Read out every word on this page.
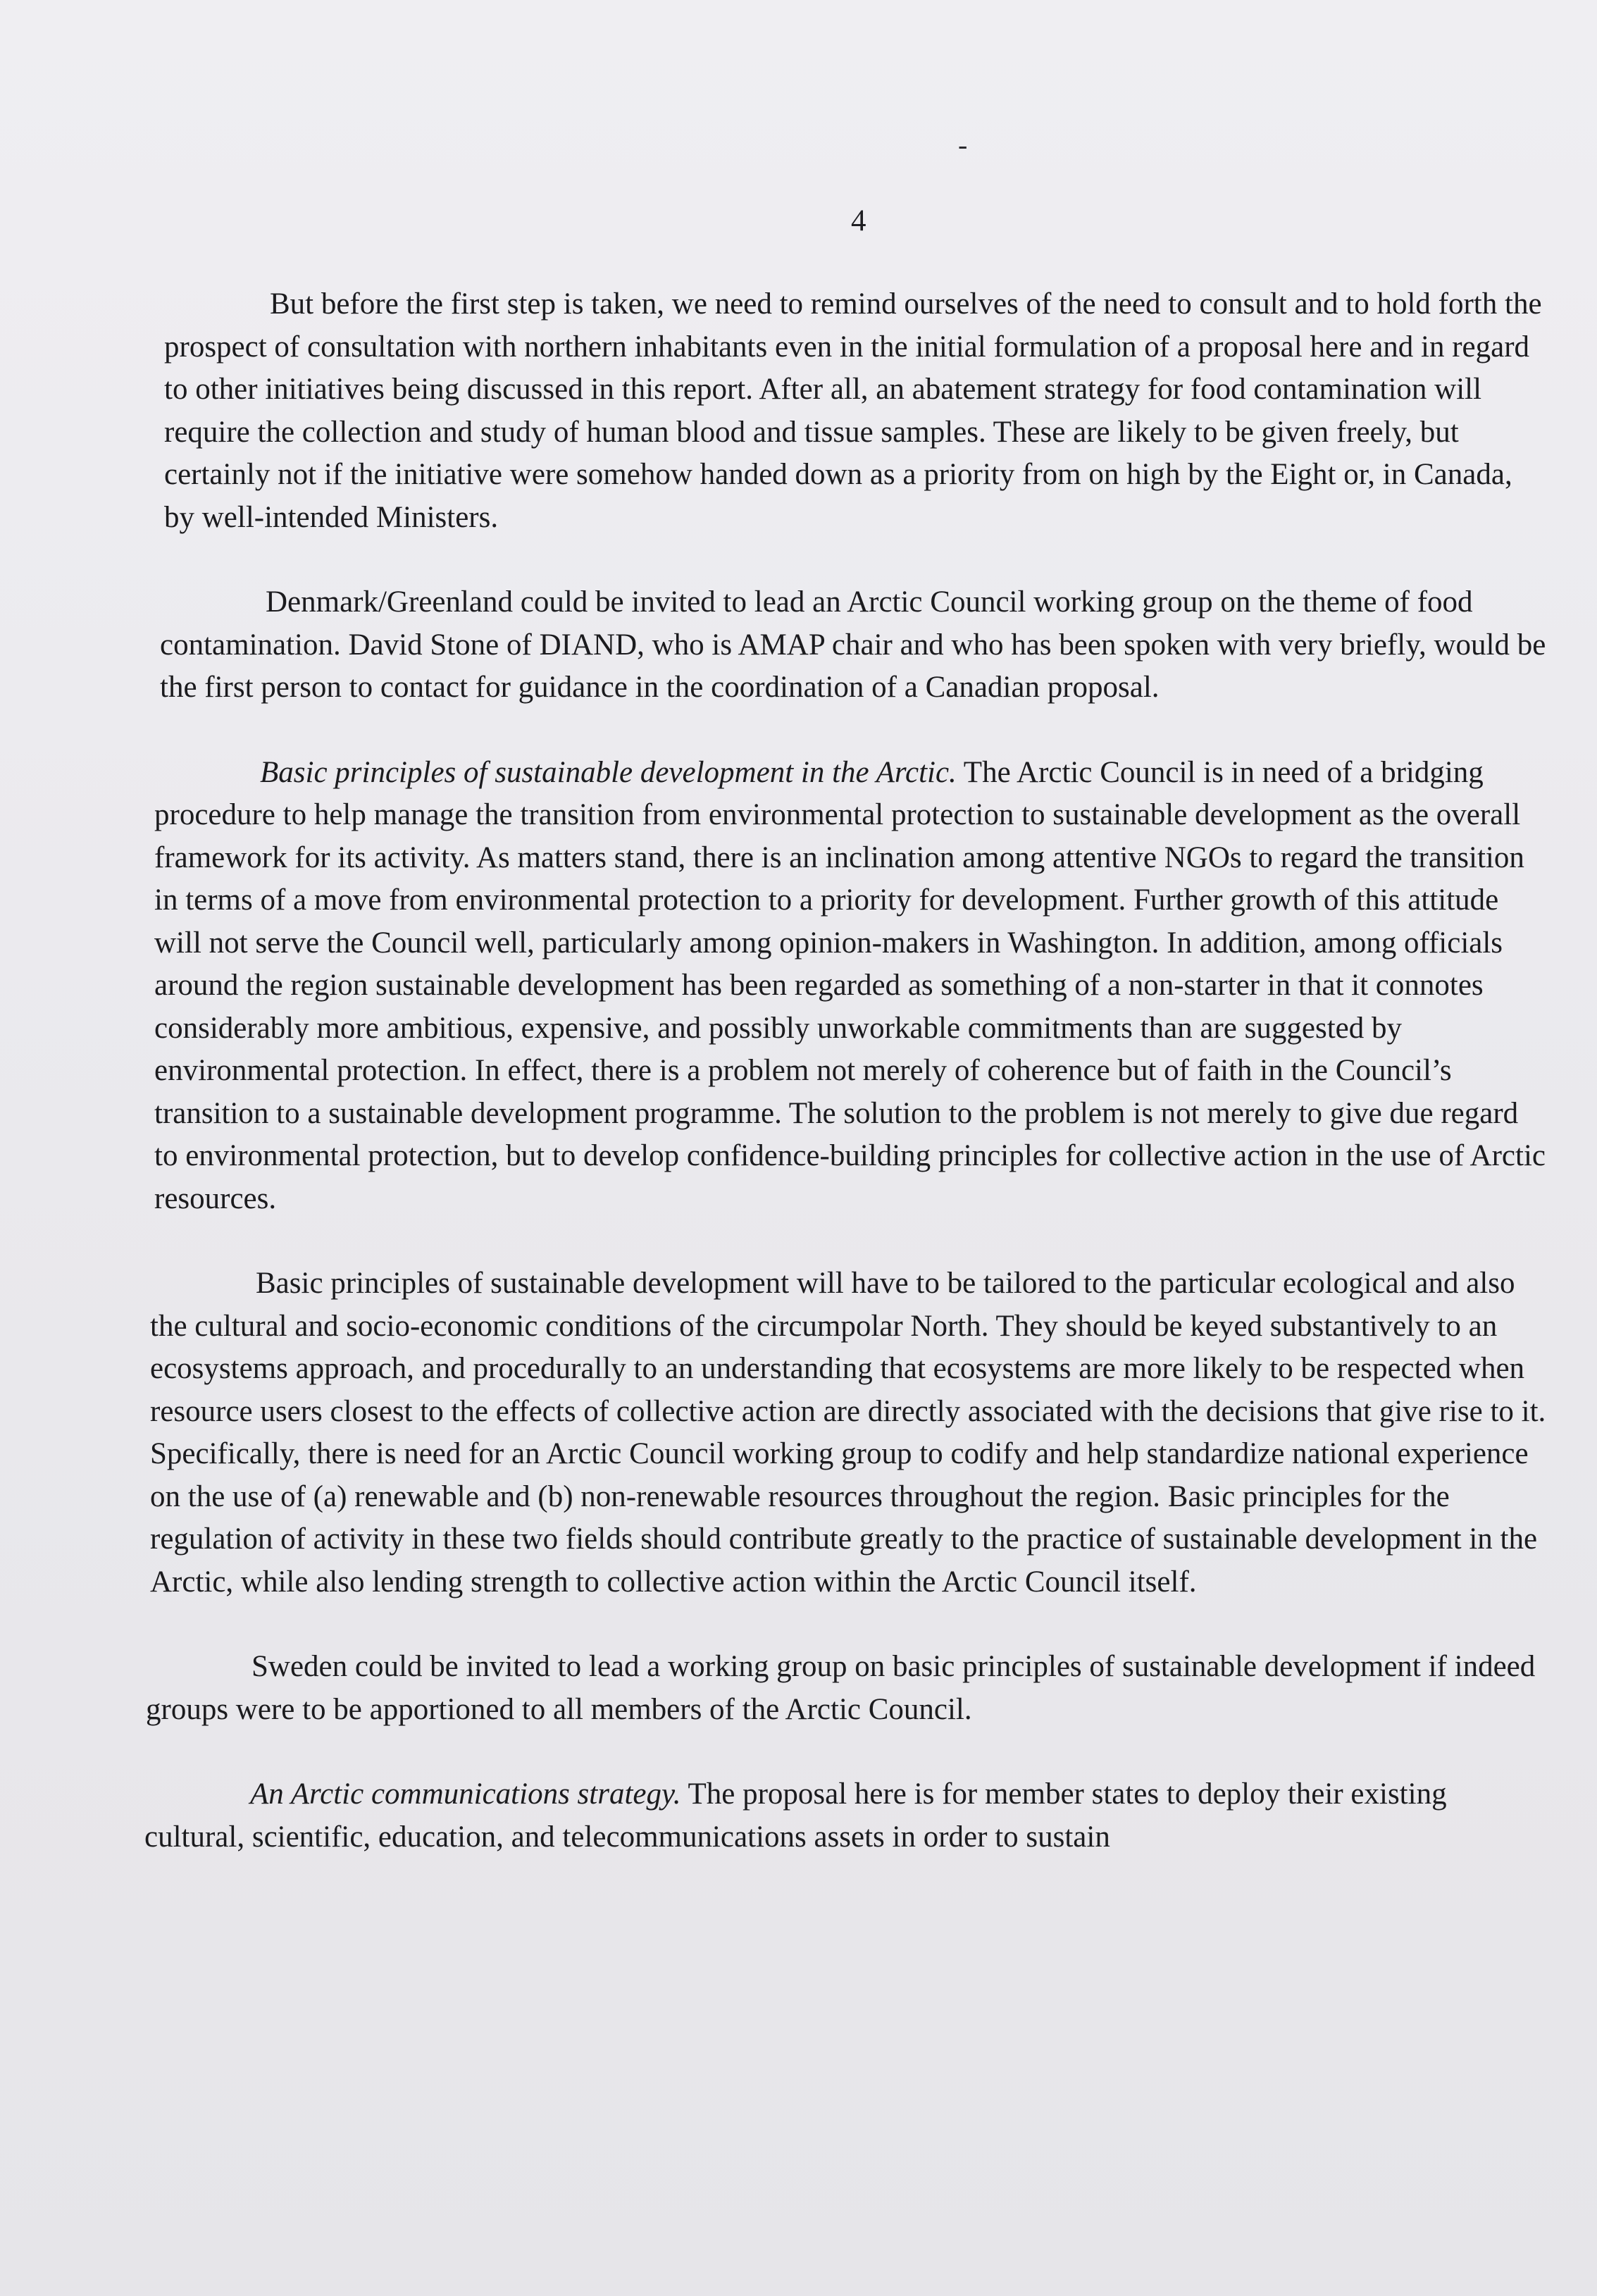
-
4

But before the first step is taken, we need to remind ourselves of the need to consult and to hold forth the prospect of consultation with northern inhabitants even in the initial formulation of a proposal here and in regard to other initiatives being discussed in this report. After all, an abatement strategy for food contamination will require the collection and study of human blood and tissue samples. These are likely to be given freely, but certainly not if the initiative were somehow handed down as a priority from on high by the Eight or, in Canada, by well-intended Ministers.

Denmark/Greenland could be invited to lead an Arctic Council working group on the theme of food contamination. David Stone of DIAND, who is AMAP chair and who has been spoken with very briefly, would be the first person to contact for guidance in the coordination of a Canadian proposal.

Basic principles of sustainable development in the Arctic. The Arctic Council is in need of a bridging procedure to help manage the transition from environmental protection to sustainable development as the overall framework for its activity. As matters stand, there is an inclination among attentive NGOs to regard the transition in terms of a move from environmental protection to a priority for development. Further growth of this attitude will not serve the Council well, particularly among opinion-makers in Washington. In addition, among officials around the region sustainable development has been regarded as something of a non-starter in that it connotes considerably more ambitious, expensive, and possibly unworkable commitments than are suggested by environmental protection. In effect, there is a problem not merely of coherence but of faith in the Council’s transition to a sustainable development programme. The solution to the problem is not merely to give due regard to environmental protection, but to develop confidence-building principles for collective action in the use of Arctic resources.

Basic principles of sustainable development will have to be tailored to the particular ecological and also the cultural and socio-economic conditions of the circumpolar North. They should be keyed substantively to an ecosystems approach, and procedurally to an understanding that ecosystems are more likely to be respected when resource users closest to the effects of collective action are directly associated with the decisions that give rise to it. Specifically, there is need for an Arctic Council working group to codify and help standardize national experience on the use of (a) renewable and (b) non-renewable resources throughout the region. Basic principles for the regulation of activity in these two fields should contribute greatly to the practice of sustainable development in the Arctic, while also lending strength to collective action within the Arctic Council itself.

Sweden could be invited to lead a working group on basic principles of sustainable development if indeed groups were to be apportioned to all members of the Arctic Council.

An Arctic communications strategy. The proposal here is for member states to deploy their existing cultural, scientific, education, and telecommunications assets in order to sustain
